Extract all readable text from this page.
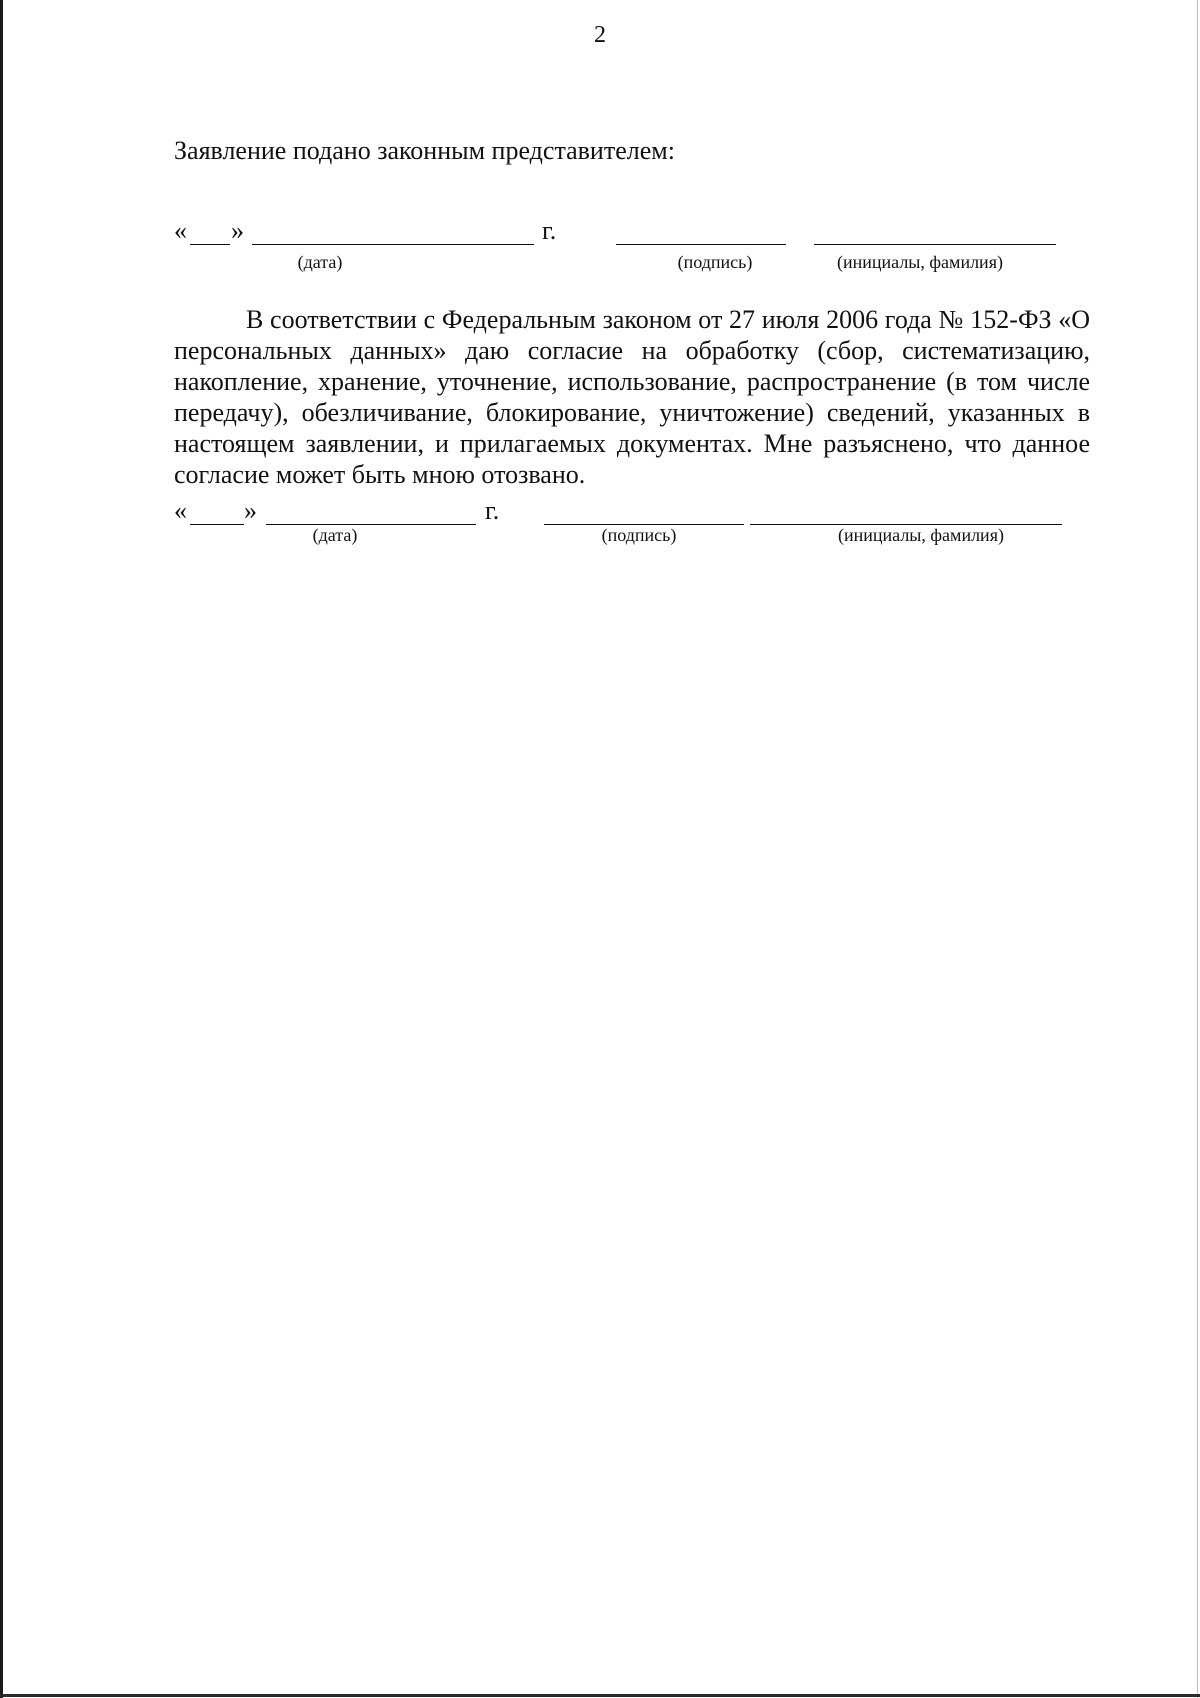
2
Заявление подано законным представителем:
« »	г.
(дата)	(подпись)	(инициалы, фамилия)
В соответствии с Федеральным законом от 27 июля 2006 года № 152-ФЗ «О персональных данных» даю согласие на обработку (сбор, систематизацию, накопление, хранение, уточнение, использование, распространение (в том числе передачу), обезличивание, блокирование, уничтожение) сведений, указанных в настоящем заявлении, и прилагаемых документах. Мне разъяснено, что данное согласие может быть мною отозвано.
« »	г.
(дата)	(подпись)	(инициалы, фамилия)
